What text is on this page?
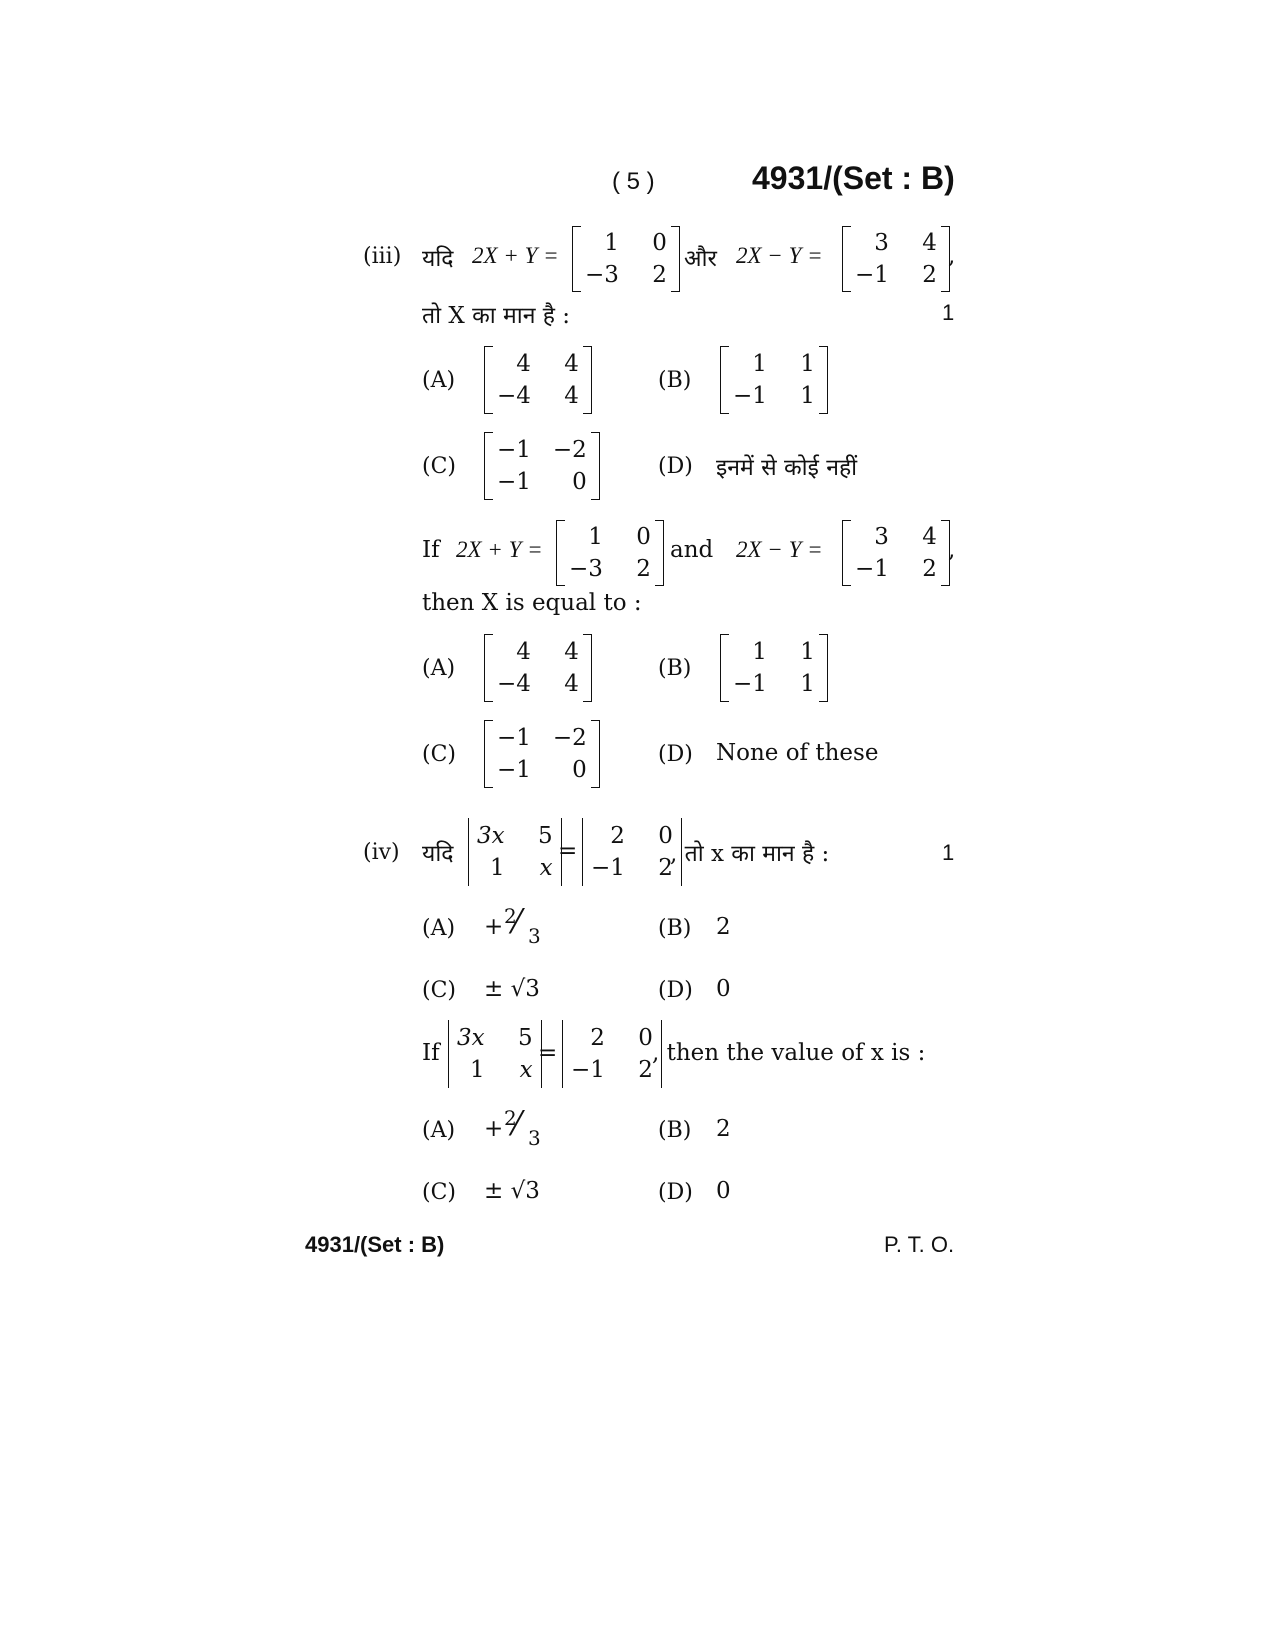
( 5 )	4931/(Set : B)
(iii) यदि 2X + Y =	1	0
−3	2
और 2X − Y =	3	4
−1	2
,
तो X का मान है :	1
(A)
4	4
−4	4
(B)
1	1
−1	1
(C)
−1 −2
−1	0
(D) इनमें से कोई नहीं
If 2X + Y =	1	0
−3	2
and 2X − Y =	3	4
−1	2
,
then X is equal to :
(A)
4	4
−4	4
(B)
1	1
−1	1
(C)
−1 −2
−1	0
(D) None of these
(iv) यदि
3x	5
1	x
=
2	0
−1	2
, तो x का मान है :	1
(A) + 2
⁄ 3	(B) 2
(C) ± √3	(D) 0
If
3x	5
1	x
=
2	0
−1	2
, then the value of x is :
(A) + 2
⁄ 3	(B) 2
(C) ± √3	(D) 0
4931/(Set : B)	P. T. O.
